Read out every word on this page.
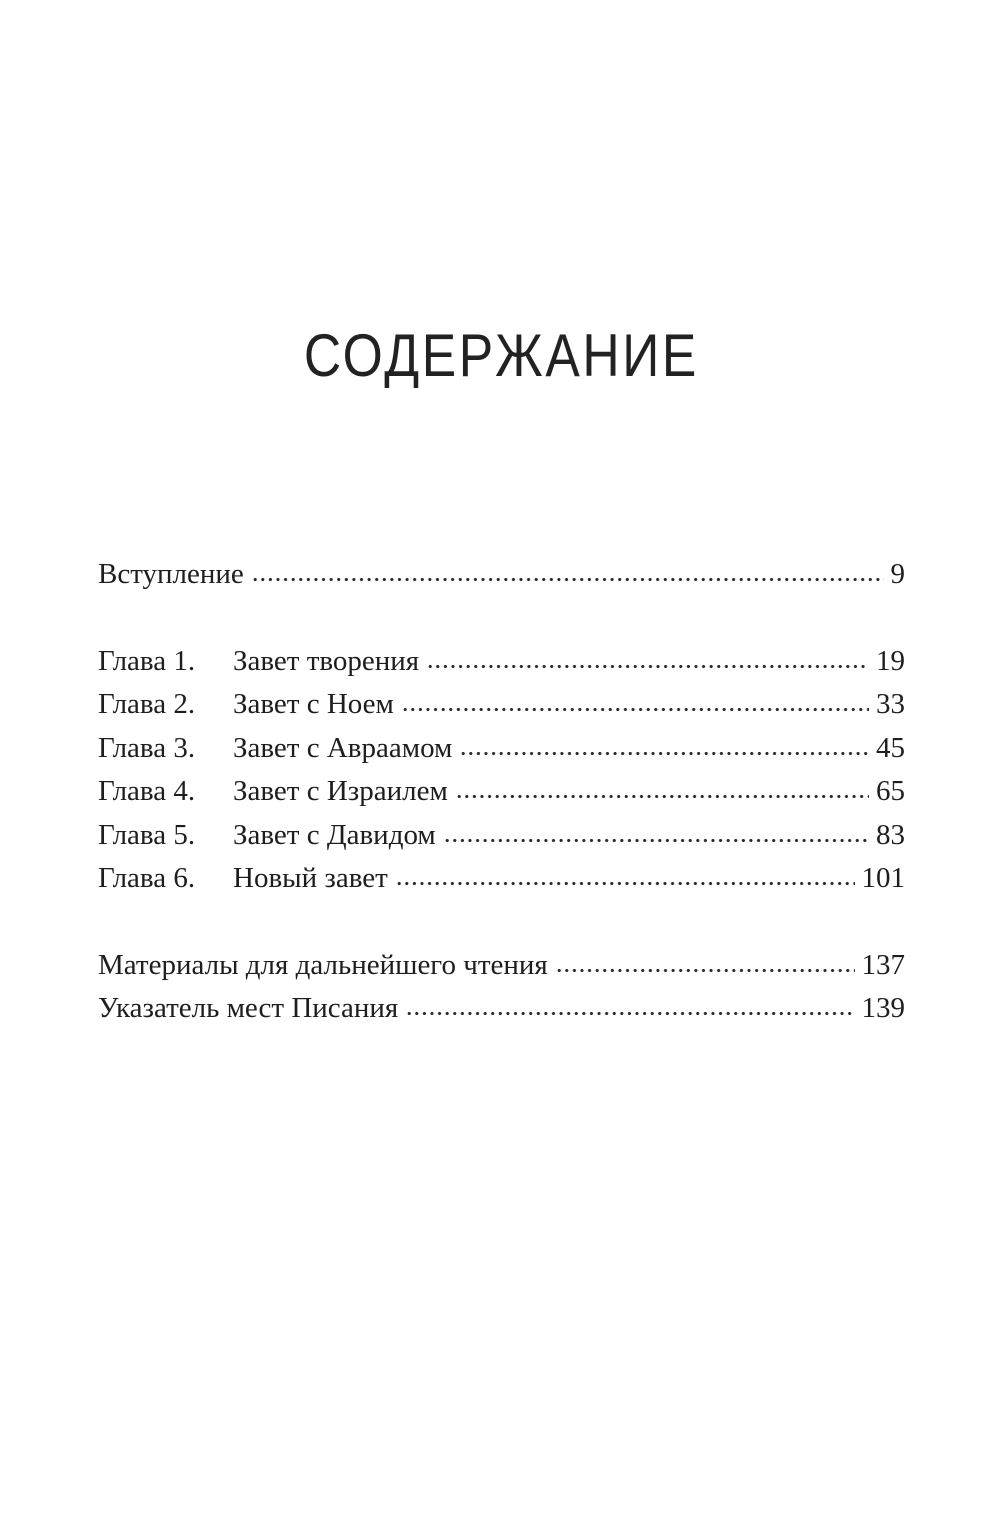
СОДЕРЖАНИЕ
Вступление	9
Глава 1.	Завет творения	19
Глава 2.	Завет с Ноем	33
Глава 3.	Завет с Авраамом	45
Глава 4.	Завет с Израилем	65
Глава 5.	Завет с Давидом	83
Глава 6.	Новый завет	101
Материалы для дальнейшего чтения	137
Указатель мест Писания	139
